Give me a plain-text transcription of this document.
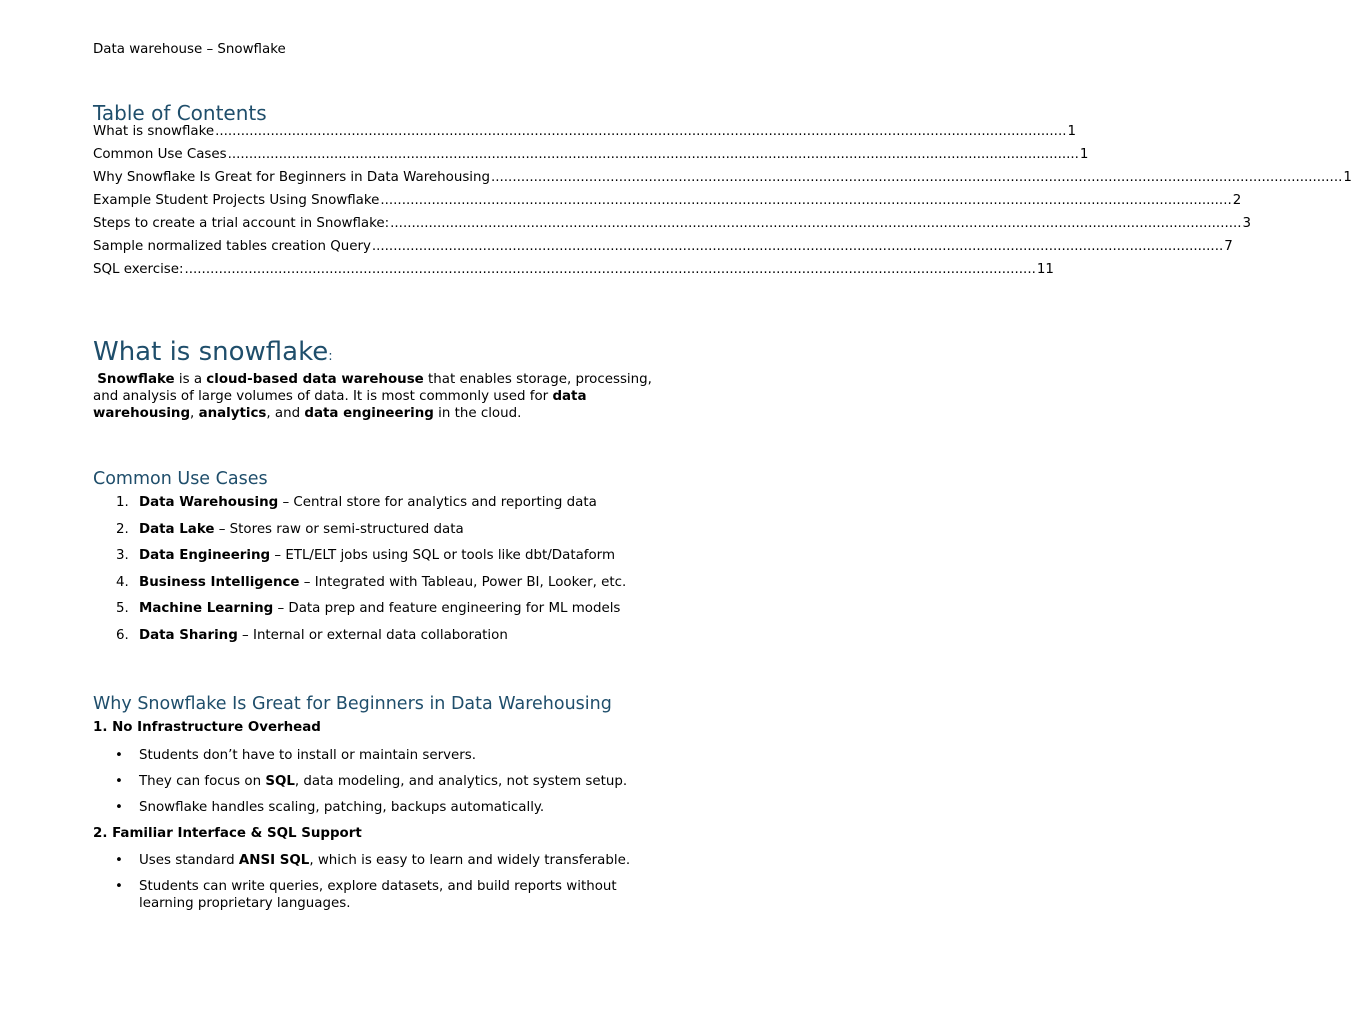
Data warehouse – Snowflake
Table of Contents
What is snowflake ........................................................................................................................................................................................................ 1
Common Use Cases ........................................................................................................................................................................................................ 1
Why Snowflake Is Great for Beginners in Data Warehousing ........................................................................................................................................................................................................ 1
Example Student Projects Using Snowflake ........................................................................................................................................................................................................ 2
Steps to create a trial account in Snowflake: ........................................................................................................................................................................................................ 3
Sample normalized tables creation Query ........................................................................................................................................................................................................ 7
SQL exercise: ........................................................................................................................................................................................................ 11
What is snowflake:
Snowflake is a cloud-based data warehouse that enables storage, processing, and analysis of large volumes of data. It is most commonly used for data warehousing, analytics, and data engineering in the cloud.
Common Use Cases
1. Data Warehousing – Central store for analytics and reporting data
2. Data Lake – Stores raw or semi-structured data
3. Data Engineering – ETL/ELT jobs using SQL or tools like dbt/Dataform
4. Business Intelligence – Integrated with Tableau, Power BI, Looker, etc.
5. Machine Learning – Data prep and feature engineering for ML models
6. Data Sharing – Internal or external data collaboration
Why Snowflake Is Great for Beginners in Data Warehousing
1. No Infrastructure Overhead
• Students don’t have to install or maintain servers.
• They can focus on SQL, data modeling, and analytics, not system setup.
• Snowflake handles scaling, patching, backups automatically.
2. Familiar Interface & SQL Support
• Uses standard ANSI SQL, which is easy to learn and widely transferable.
• Students can write queries, explore datasets, and build reports without learning proprietary languages.
